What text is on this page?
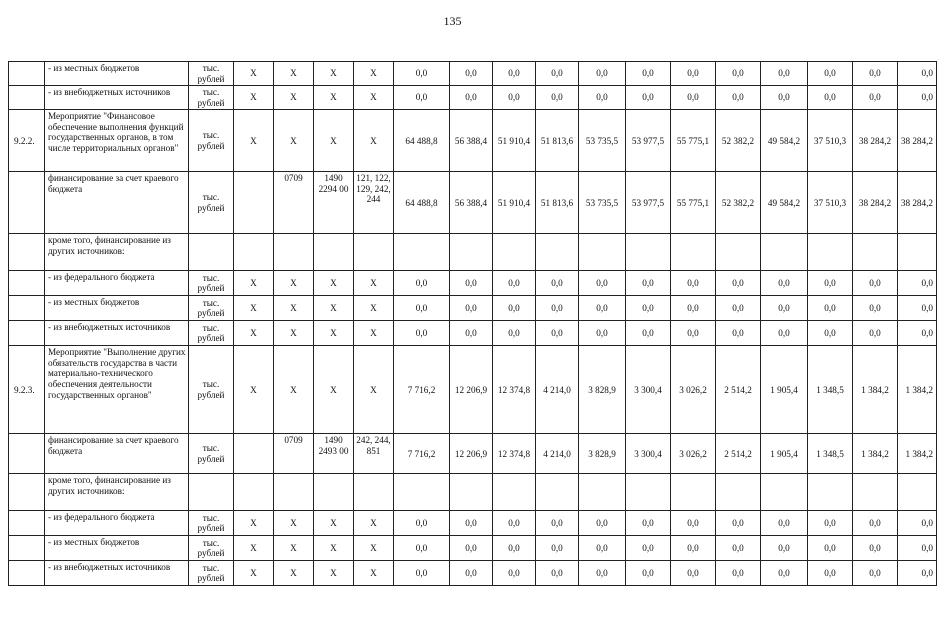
135
	- из местных бюджетов	тыс. рублей	X	X	X	X	0,0	0,0	0,0	0,0	0,0	0,0	0,0	0,0	0,0	0,0	0,0	0,0
	- из внебюджетных источников	тыс. рублей	X	X	X	X	0,0	0,0	0,0	0,0	0,0	0,0	0,0	0,0	0,0	0,0	0,0	0,0
9.2.2.	Мероприятие "Финансовое обеспечение выполнения функций государственных органов, в том числе территориальных органов"	тыс. рублей	X	X	X	X	64 488,8	56 388,4	51 910,4	51 813,6	53 735,5	53 977,5	55 775,1	52 382,2	49 584,2	37 510,3	38 284,2	38 284,2
	финансирование за счет краевого бюджета	тыс. рублей		0709	1490 2294 00	121, 122, 129, 242, 244	64 488,8	56 388,4	51 910,4	51 813,6	53 735,5	53 977,5	55 775,1	52 382,2	49 584,2	37 510,3	38 284,2	38 284,2
	кроме того, финансирование из других источников:																	
	- из федерального бюджета	тыс. рублей	X	X	X	X	0,0	0,0	0,0	0,0	0,0	0,0	0,0	0,0	0,0	0,0	0,0	0,0
	- из местных бюджетов	тыс. рублей	X	X	X	X	0,0	0,0	0,0	0,0	0,0	0,0	0,0	0,0	0,0	0,0	0,0	0,0
	- из внебюджетных источников	тыс. рублей	X	X	X	X	0,0	0,0	0,0	0,0	0,0	0,0	0,0	0,0	0,0	0,0	0,0	0,0
9.2.3.	Мероприятие "Выполнение других обязательств государства в части материально-технического обеспечения деятельности государственных органов"	тыс. рублей	X	X	X	X	7 716,2	12 206,9	12 374,8	4 214,0	3 828,9	3 300,4	3 026,2	2 514,2	1 905,4	1 348,5	1 384,2	1 384,2
	финансирование за счет краевого бюджета	тыс. рублей		0709	1490 2493 00	242, 244, 851	7 716,2	12 206,9	12 374,8	4 214,0	3 828,9	3 300,4	3 026,2	2 514,2	1 905,4	1 348,5	1 384,2	1 384,2
	кроме того, финансирование из других источников:																	
	- из федерального бюджета	тыс. рублей	X	X	X	X	0,0	0,0	0,0	0,0	0,0	0,0	0,0	0,0	0,0	0,0	0,0	0,0
	- из местных бюджетов	тыс. рублей	X	X	X	X	0,0	0,0	0,0	0,0	0,0	0,0	0,0	0,0	0,0	0,0	0,0	0,0
	- из внебюджетных источников	тыс. рублей	X	X	X	X	0,0	0,0	0,0	0,0	0,0	0,0	0,0	0,0	0,0	0,0	0,0	0,0
